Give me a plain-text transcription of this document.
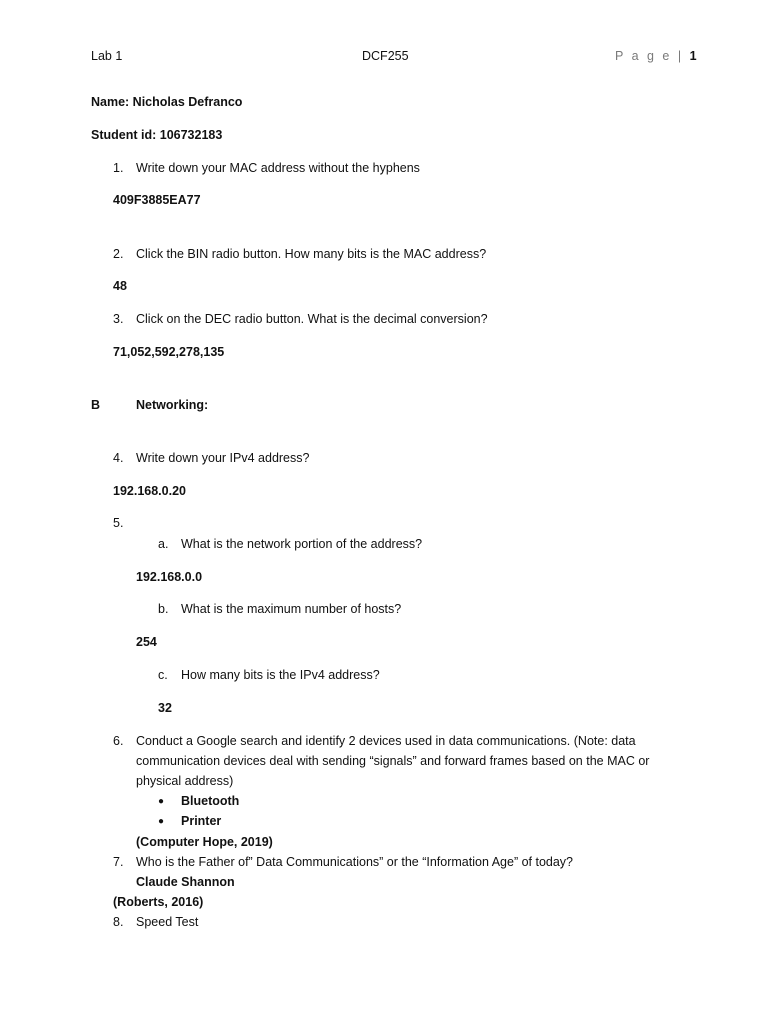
Lab 1	DCF255	P a g e | 1
Name: Nicholas Defranco
Student id: 106732183
1. Write down your MAC address without the hyphens
409F3885EA77
2. Click the BIN radio button. How many bits is the MAC address?
48
3. Click on the DEC radio button. What is the decimal conversion?
71,052,592,278,135
B	Networking:
4. Write down your IPv4 address?
192.168.0.20
5.
a. What is the network portion of the address?
192.168.0.0
b. What is the maximum number of hosts?
254
c. How many bits is the IPv4 address?
32
6. Conduct a Google search and identify 2 devices used in data communications. (Note: data
communication devices deal with sending “signals” and forward frames based on the MAC or
physical address)
● Bluetooth
● Printer
(Computer Hope, 2019)
7. Who is the Father of” Data Communications” or the “Information Age” of today?
Claude Shannon
(Roberts, 2016)
8. Speed Test
